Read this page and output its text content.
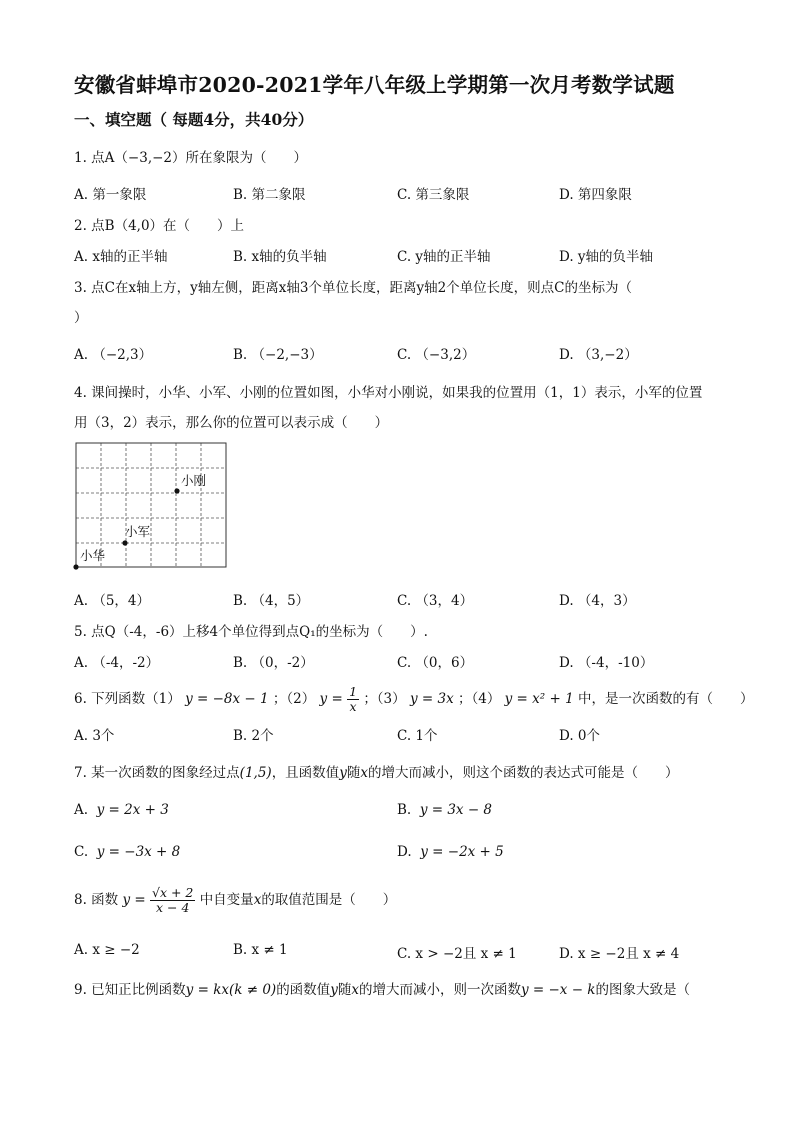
安徽省蚌埠市2020-2021学年八年级上学期第一次月考数学试题
一、填空题（ 每题4分，共40分）
1. 点A（−3,−2）所在象限为（　　）
A. 第一象限	B. 第二象限	C. 第三象限	D. 第四象限
2. 点B（4,0）在（　　）上
A. x轴的正半轴	B. x轴的负半轴	C. y轴的正半轴	D. y轴的负半轴
3. 点C在x轴上方，y轴左侧，距离x轴3个单位长度，距离y轴2个单位长度，则点C的坐标为（
）
A. （−2,3）	B. （−2,−3）	C. （−3,2）	D. （3,−2）
4. 课间操时，小华、小军、小刚的位置如图，小华对小刚说，如果我的位置用（1，1）表示，小军的位置
用（3，2）表示，那么你的位置可以表示成（　　）
小刚
小军
小华
A. （5，4）	B. （4，5）	C. （3，4）	D. （4，3）
5. 点Q（-4，-6）上移4个单位得到点Q₁的坐标为（　　）.
A. （-4，-2）	B. （0，-2）	C. （0，6）	D. （-4，-10）
6. 下列函数（1） y = −8x − 1 ；（2） $y = \frac{1}{x}$ ；（3） y = 3x ；（4） y = x² + 1 中，是一次函数的有（　　）
A. 3个	B. 2个	C. 1个	D. 0个
7. 某一次函数的图象经过点(1,5)，且函数值y随x的增大而减小，则这个函数的表达式可能是（　　）
A. y = 2x + 3	B. y = 3x − 8
C. y = −3x + 8	D. y = −2x + 5
8. 函数 $y = \frac{√x + 2}{x - 4}$ 中自变量x的取值范围是（　　）
A. x ≥ −2	B. x ≠ 1	C. x > −2且 x ≠ 1	D. x ≥ −2且 x ≠ 4
9. 已知正比例函数y = kx(k ≠ 0)的函数值y随x的增大而减小，则一次函数y = −x − k的图象大致是（
